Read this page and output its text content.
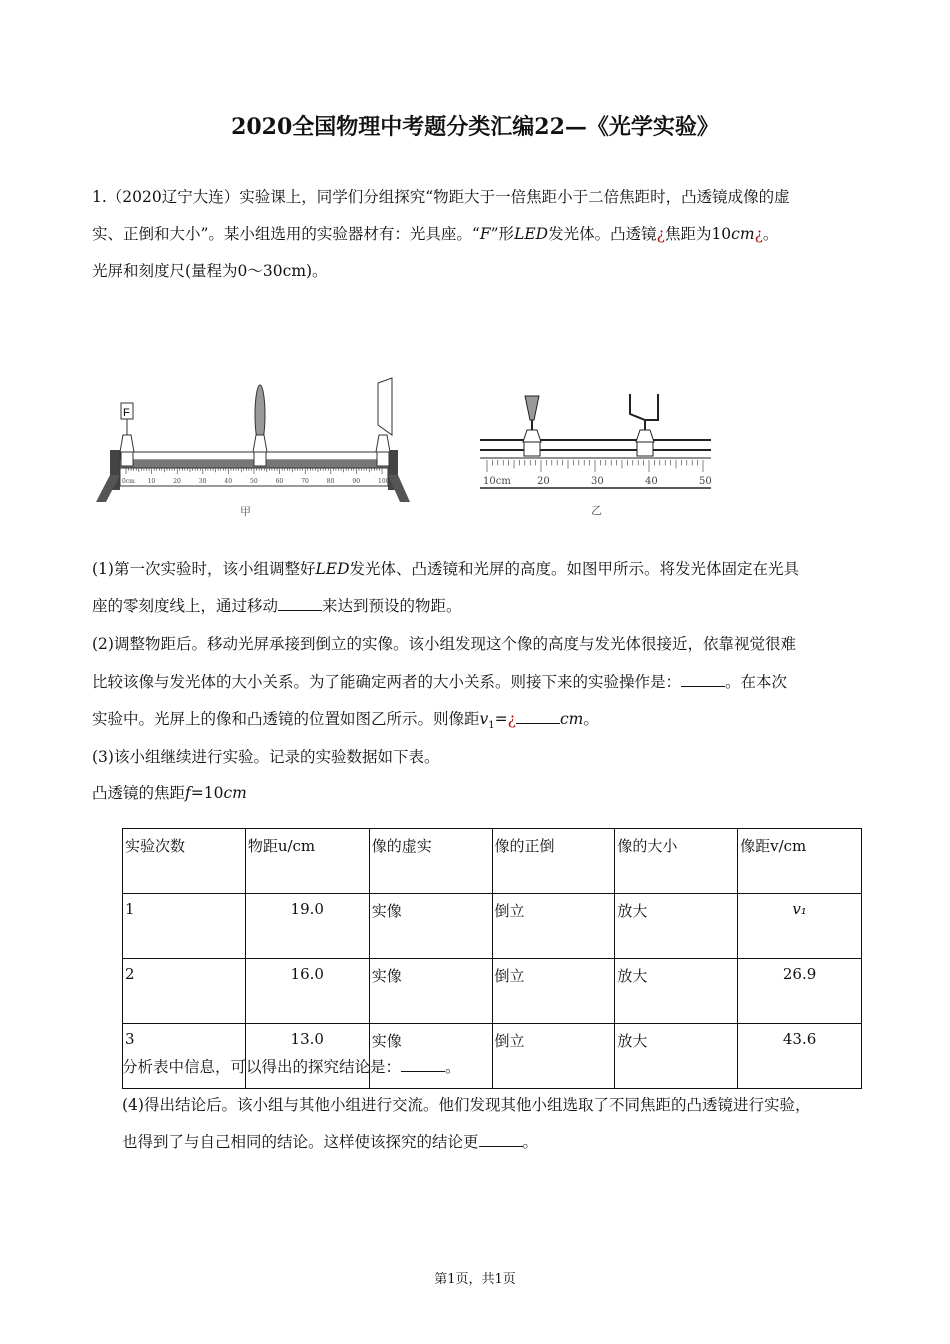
2020全国物理中考题分类汇编22—《光学实验》
1.（2020辽宁大连）实验课上，同学们分组探究“物距大于一倍焦距小于二倍焦距时，凸透镜成像的虚
实、正倒和大小”。某小组选用的实验器材有：光具座。“F”形LED发光体。凸透镜¿焦距为10cm¿。
光屏和刻度尺(量程为0～30cm)。
0cm 10	20	30	40	50	60	70	80	90	100
F
甲
10cm	20	30	40	50
乙
(1)第一次实验时，该小组调整好LED发光体、凸透镜和光屏的高度。如图甲所示。将发光体固定在光具
座的零刻度线上，通过移动	来达到预设的物距。
(2)调整物距后。移动光屏承接到倒立的实像。该小组发现这个像的高度与发光体很接近，依靠视觉很难
比较该像与发光体的大小关系。为了能确定两者的大小关系。则接下来的实验操作是：	。在本次
实验中。光屏上的像和凸透镜的位置如图乙所示。则像距$v_1=¿$	cm。
(3)该小组继续进行实验。记录的实验数据如下表。
凸透镜的焦距f=10cm
实验次数	物距u/cm	像的虚实	像的正倒	像的大小	像距v/cm
1	19.0	实像	倒立	放大	v₁
2	16.0	实像	倒立	放大	26.9
3	13.0	实像	倒立	放大	43.6
分析表中信息，可以得出的探究结论是：	。
(4)得出结论后。该小组与其他小组进行交流。他们发现其他小组选取了不同焦距的凸透镜进行实验，
也得到了与自己相同的结论。这样使该探究的结论更	。
第1页，共1页
